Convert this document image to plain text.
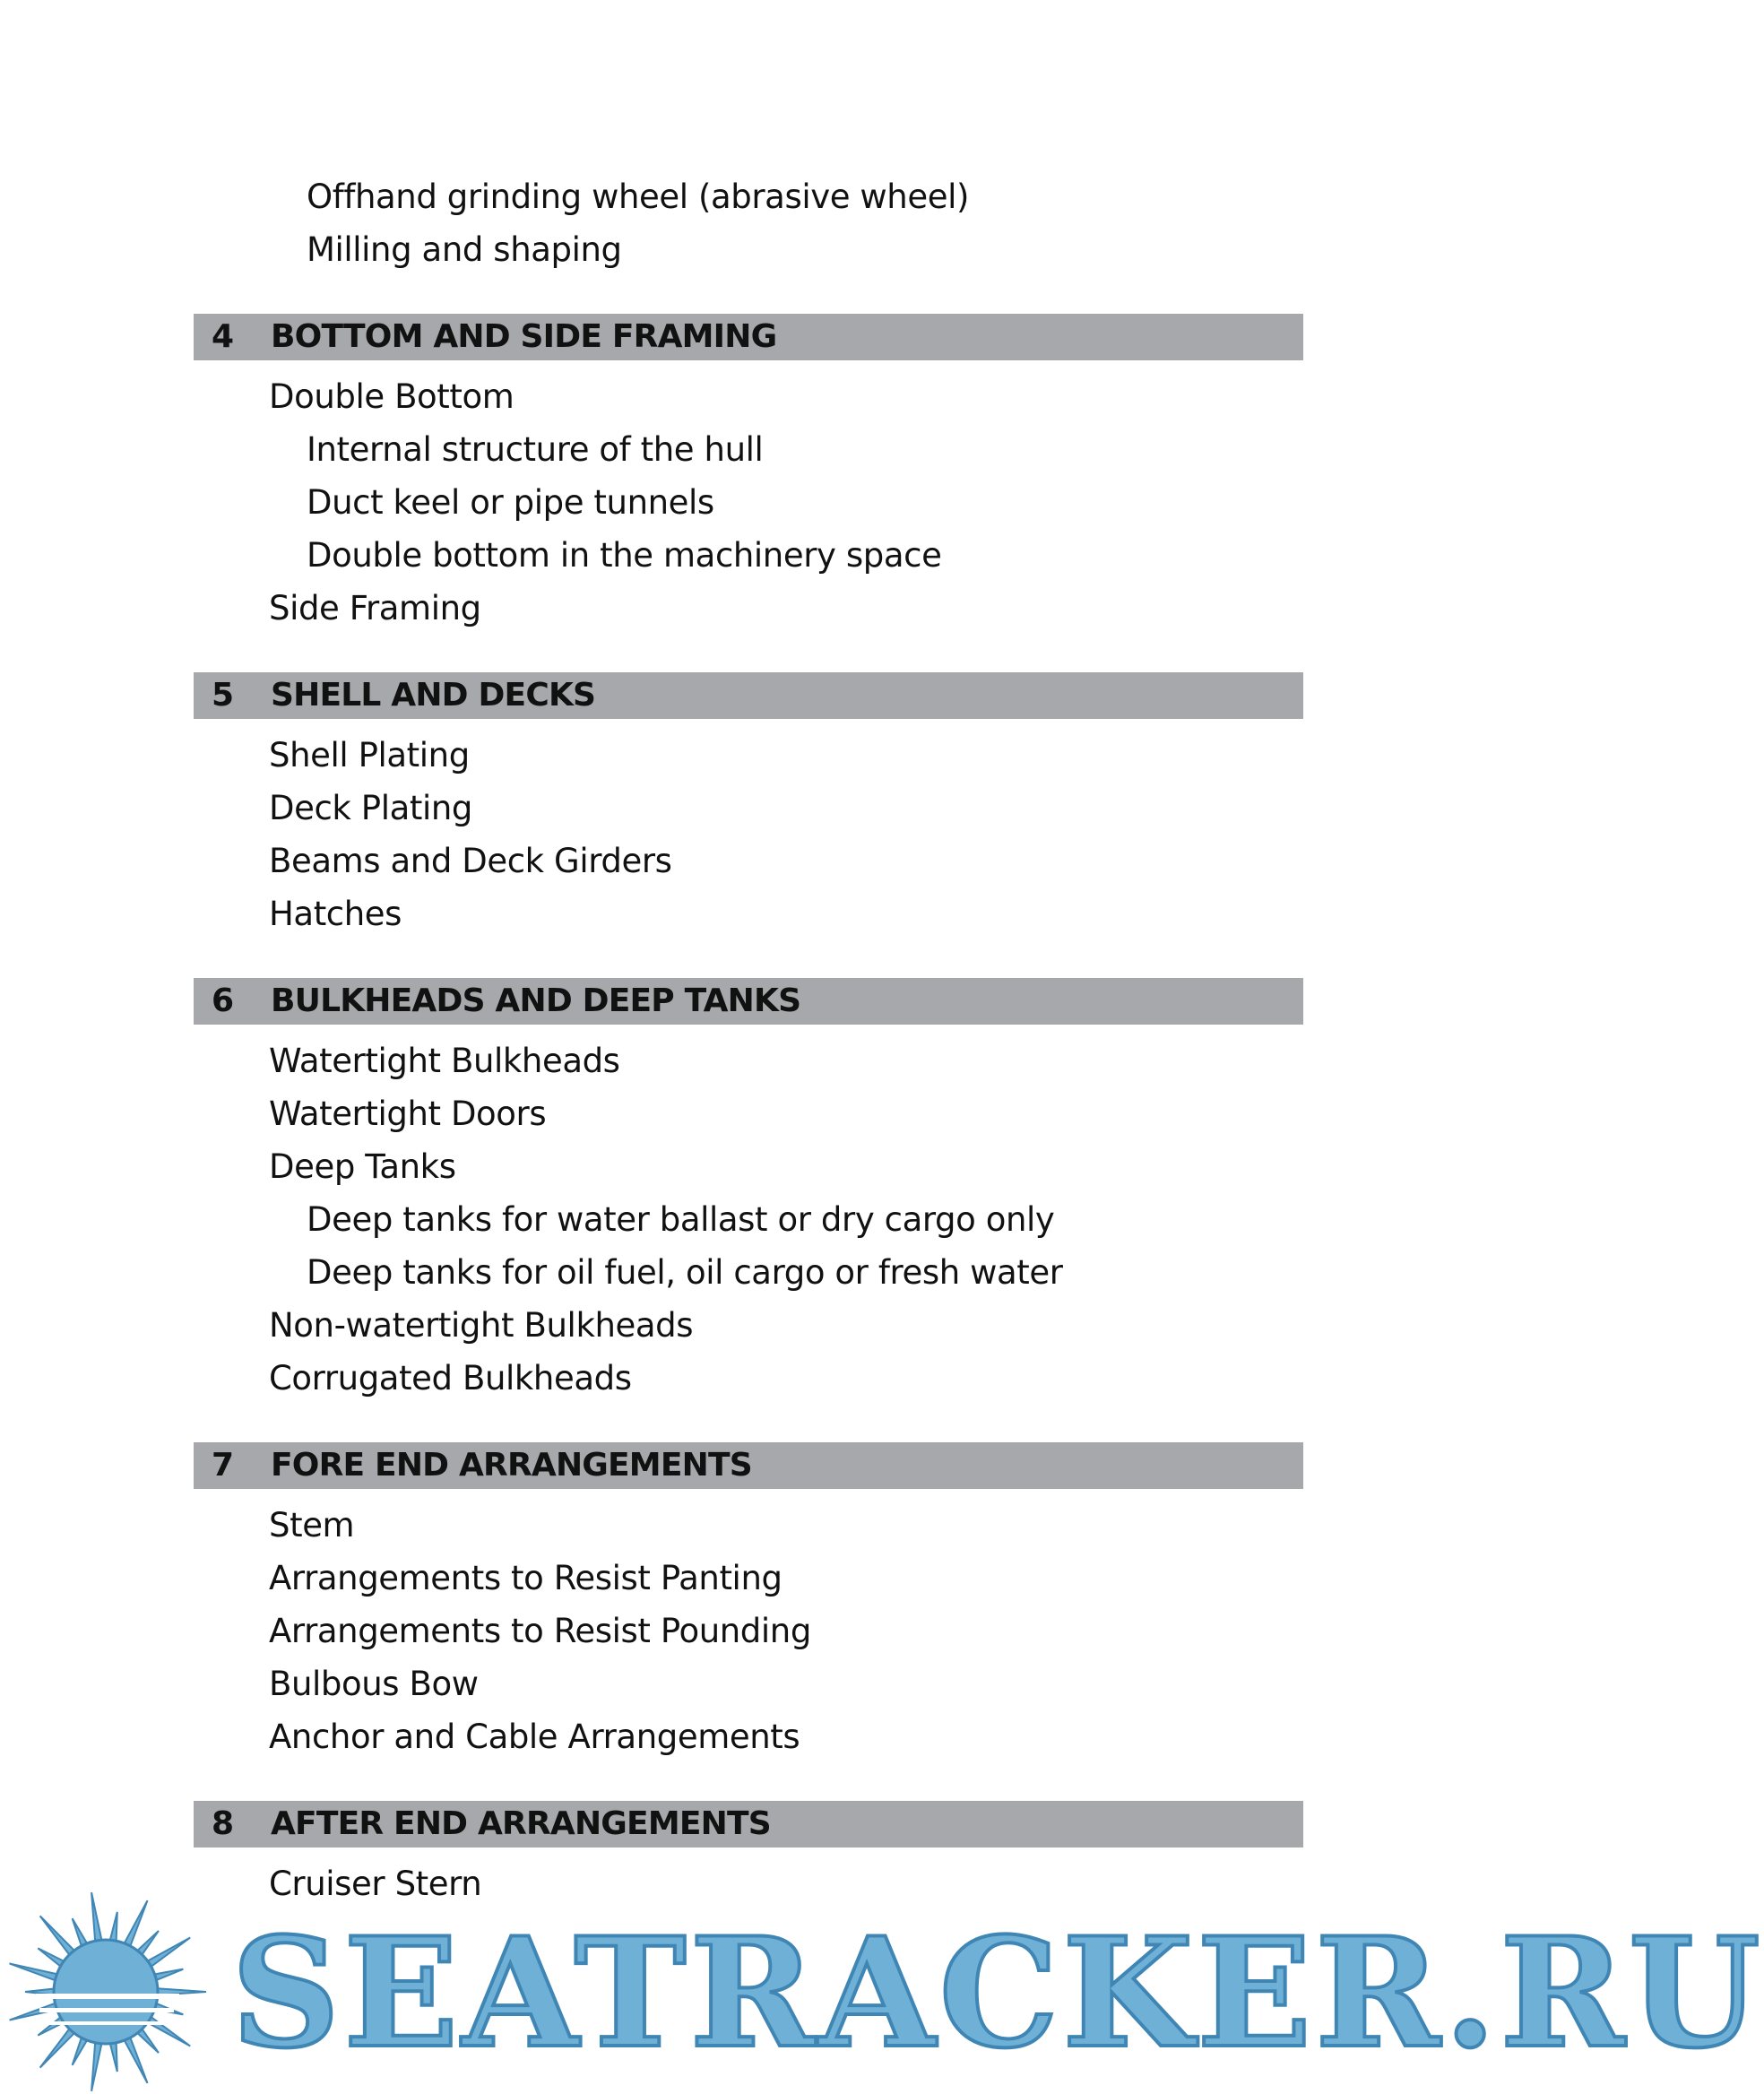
Offhand grinding wheel (abrasive wheel)
Milling and shaping
4 BOTTOM AND SIDE FRAMING
Double Bottom
Internal structure of the hull
Duct keel or pipe tunnels
Double bottom in the machinery space
Side Framing
5 SHELL AND DECKS
Shell Plating
Deck Plating
Beams and Deck Girders
Hatches
6 BULKHEADS AND DEEP TANKS
Watertight Bulkheads
Watertight Doors
Deep Tanks
Deep tanks for water ballast or dry cargo only
Deep tanks for oil fuel, oil cargo or fresh water
Non-watertight Bulkheads
Corrugated Bulkheads
7 FORE END ARRANGEMENTS
Stem
Arrangements to Resist Panting
Arrangements to Resist Pounding
Bulbous Bow
Anchor and Cable Arrangements
8 AFTER END ARRANGEMENTS
Cruiser Stern
SEATRACKER.RU
